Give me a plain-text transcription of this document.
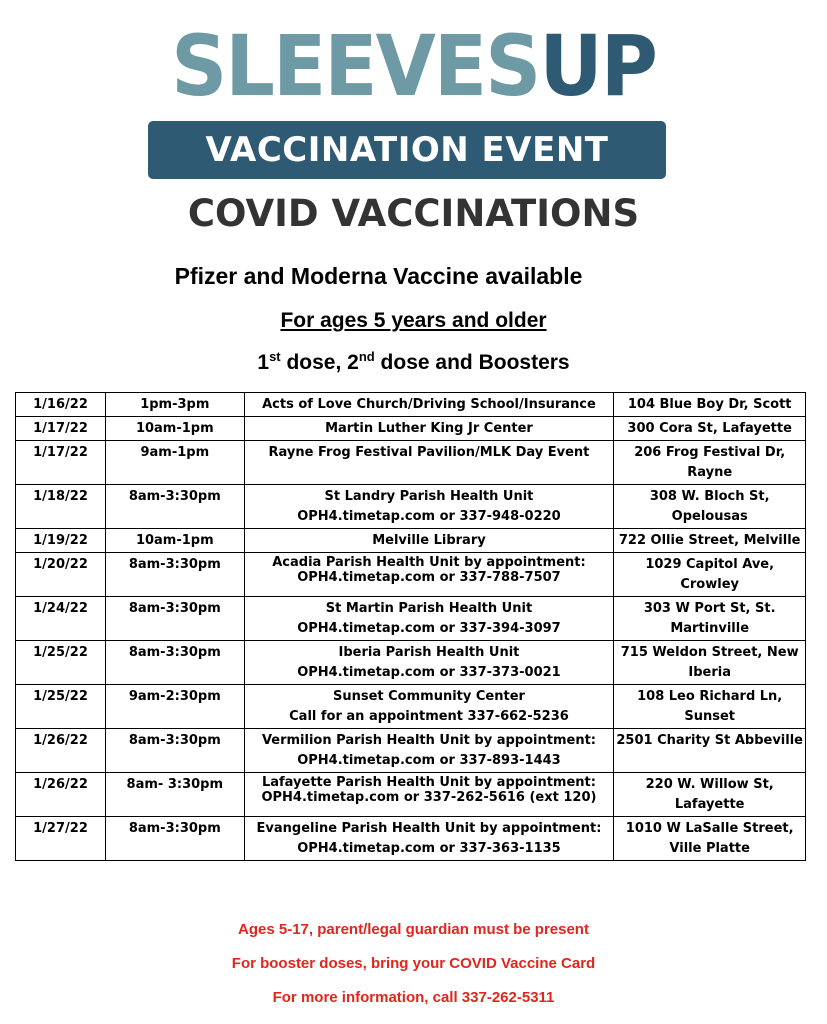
SLEEVESUP
VACCINATION EVENT
COVID VACCINATIONS
Pfizer and Moderna Vaccine available
For ages 5 years and older
1st dose, 2nd dose and Boosters
1/16/22	1pm-3pm	Acts of Love Church/Driving School/Insurance	104 Blue Boy Dr, Scott
1/17/22	10am-1pm	Martin Luther King Jr Center	300 Cora St, Lafayette
1/17/22	9am-1pm	Rayne Frog Festival Pavilion/MLK Day Event	206 Frog Festival Dr, Rayne
1/18/22	8am-3:30pm	St Landry Parish Health Unit
OPH4.timetap.com or 337-948-0220	308 W. Bloch St, Opelousas
1/19/22	10am-1pm	Melville Library	722 Ollie Street, Melville
1/20/22	8am-3:30pm	Acadia Parish Health Unit by appointment:
OPH4.timetap.com or 337-788-7507	1029 Capitol Ave, Crowley
1/24/22	8am-3:30pm	St Martin Parish Health Unit
OPH4.timetap.com or 337-394-3097	303 W Port St, St. Martinville
1/25/22	8am-3:30pm	Iberia Parish Health Unit
OPH4.timetap.com or 337-373-0021	715 Weldon Street, New Iberia
1/25/22	9am-2:30pm	Sunset Community Center
Call for an appointment 337-662-5236	108 Leo Richard Ln, Sunset
1/26/22	8am-3:30pm	Vermilion Parish Health Unit by appointment:
OPH4.timetap.com or 337-893-1443	2501 Charity St Abbeville
1/26/22	8am- 3:30pm	Lafayette Parish Health Unit by appointment:
OPH4.timetap.com or 337-262-5616 (ext 120)	220 W. Willow St, Lafayette
1/27/22	8am-3:30pm	Evangeline Parish Health Unit by appointment:
OPH4.timetap.com or 337-363-1135	1010 W LaSalle Street, Ville Platte
Ages 5-17, parent/legal guardian must be present
For booster doses, bring your COVID Vaccine Card
For more information, call 337-262-5311
